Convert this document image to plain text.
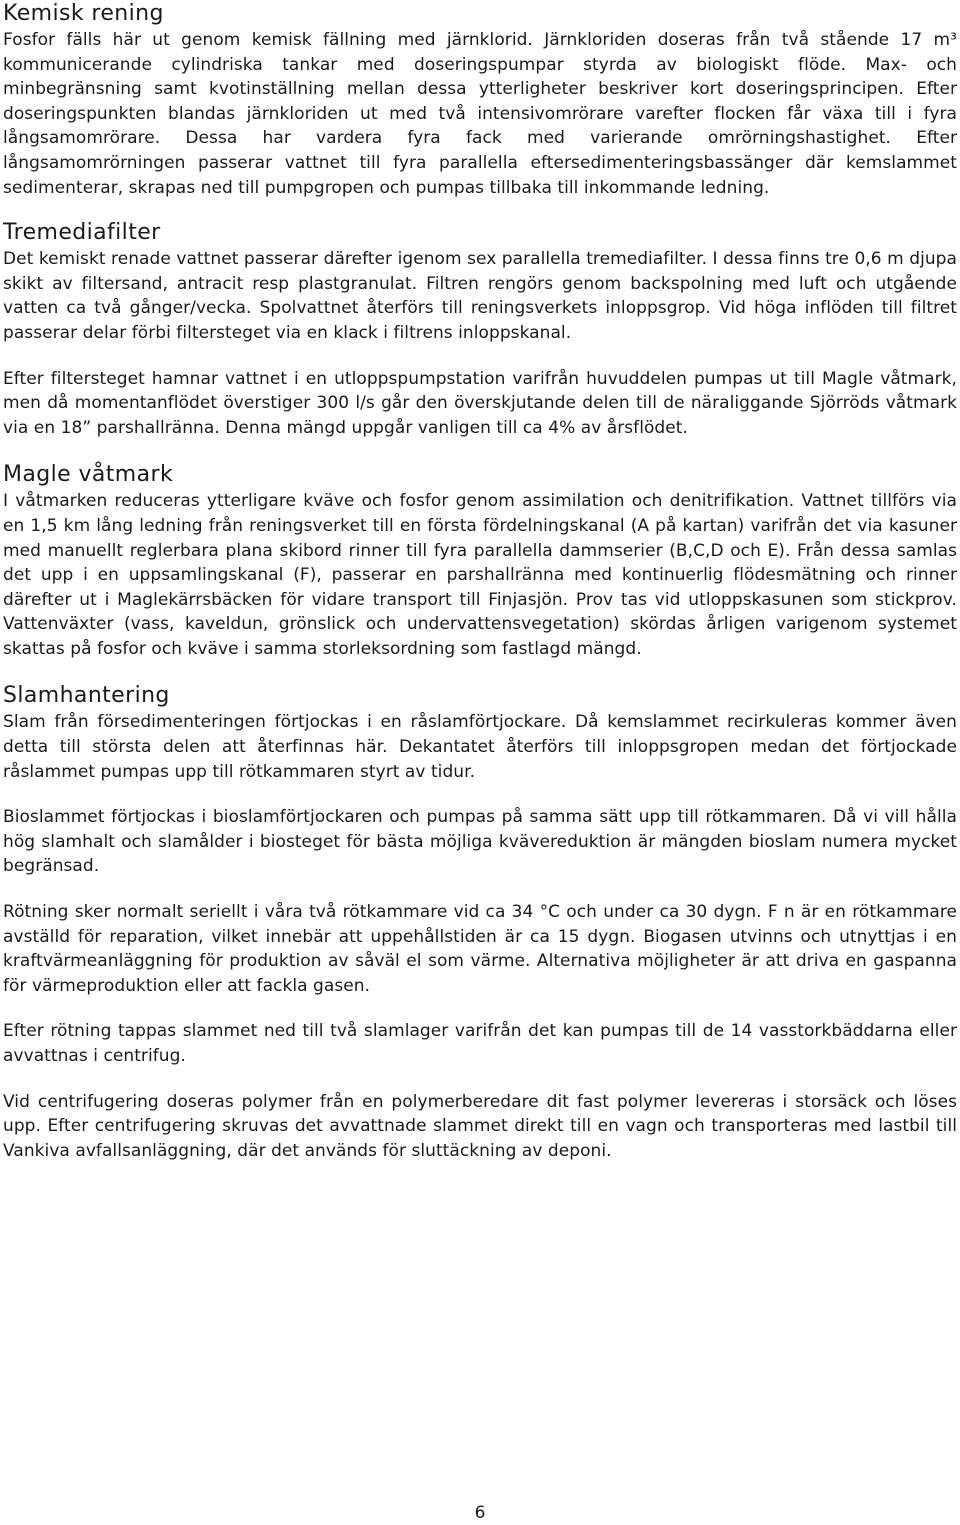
Kemisk rening

Fosfor fälls här ut genom kemisk fällning med järnklorid. Järnkloriden doseras från två stående 17 m³ kommunicerande cylindriska tankar med doseringspumpar styrda av biologiskt flöde. Max- och minbegränsning samt kvotinställning mellan dessa ytterligheter beskriver kort doseringsprincipen. Efter doseringspunkten blandas järnkloriden ut med två intensivomrörare varefter flocken får växa till i fyra långsamomrörare. Dessa har vardera fyra fack med varierande omrörningshastighet. Efter långsamomrörningen passerar vattnet till fyra parallella eftersedimenteringsbassänger där kemslammet sedimenterar, skrapas ned till pumpgropen och pumpas tillbaka till inkommande ledning.

Tremediafilter

Det kemiskt renade vattnet passerar därefter igenom sex parallella tremediafilter. I dessa finns tre 0,6 m djupa skikt av filtersand, antracit resp plastgranulat. Filtren rengörs genom backspolning med luft och utgående vatten ca två gånger/vecka. Spolvattnet återförs till reningsverkets inloppsgrop. Vid höga inflöden till filtret passerar delar förbi filtersteget via en klack i filtrens inloppskanal.

Efter filtersteget hamnar vattnet i en utloppspumpstation varifrån huvuddelen pumpas ut till Magle våtmark, men då momentanflödet överstiger 300 l/s går den överskjutande delen till de näraliggande Sjörröds våtmark via en 18” parshallränna. Denna mängd uppgår vanligen till ca 4% av årsflödet.

Magle våtmark

I våtmarken reduceras ytterligare kväve och fosfor genom assimilation och denitrifikation. Vattnet tillförs via en 1,5 km lång ledning från reningsverket till en första fördelningskanal (A på kartan) varifrån det via kasuner med manuellt reglerbara plana skibord rinner till fyra parallella dammserier (B,C,D och E). Från dessa samlas det upp i en uppsamlingskanal (F), passerar en parshallränna med kontinuerlig flödesmätning och rinner därefter ut i Maglekärrsbäcken för vidare transport till Finjasjön. Prov tas vid utloppskasunen som stickprov. Vattenväxter (vass, kaveldun, grönslick och undervattensvegetation) skördas årligen varigenom systemet skattas på fosfor och kväve i samma storleksordning som fastlagd mängd.

Slamhantering

Slam från försedimenteringen förtjockas i en råslamförtjockare. Då kemslammet recirkuleras kommer även detta till största delen att återfinnas här. Dekantatet återförs till inloppsgropen medan det förtjockade råslammet pumpas upp till rötkammaren styrt av tidur.

Bioslammet förtjockas i bioslamförtjockaren och pumpas på samma sätt upp till rötkammaren. Då vi vill hålla hög slamhalt och slamålder i biosteget för bästa möjliga kvävereduktion är mängden bioslam numera mycket begränsad.

Rötning sker normalt seriellt i våra två rötkammare vid ca 34 °C och under ca 30 dygn. F n är en rötkammare avställd för reparation, vilket innebär att uppehållstiden är ca 15 dygn. Biogasen utvinns och utnyttjas i en kraftvärmeanläggning för produktion av såväl el som värme. Alternativa möjligheter är att driva en gaspanna för värmeproduktion eller att fackla gasen.

Efter rötning tappas slammet ned till två slamlager varifrån det kan pumpas till de 14 vasstorkbäddarna eller avvattnas i centrifug.

Vid centrifugering doseras polymer från en polymerberedare dit fast polymer levereras i storsäck och löses upp. Efter centrifugering skruvas det avvattnade slammet direkt till en vagn och transporteras med lastbil till Vankiva avfallsanläggning, där det används för sluttäckning av deponi.

6
